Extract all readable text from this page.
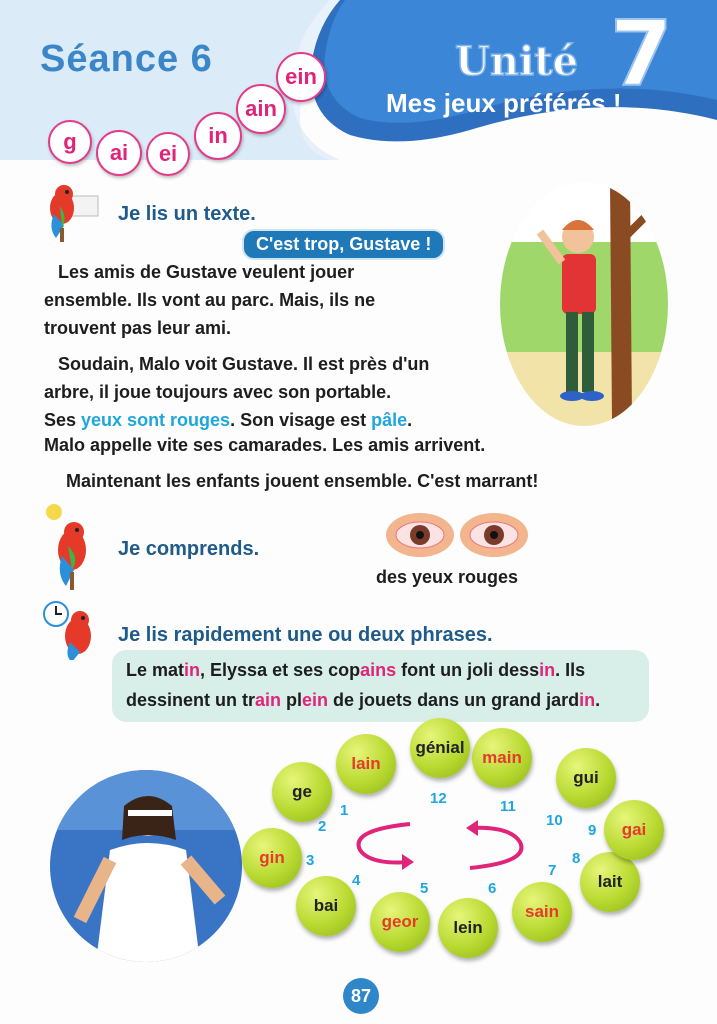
Séance 6
g	ai	ei
in
ain
ein	Unité 7
Mes jeux préférés !
Je lis un texte.
C'est trop, Gustave !
Les amis de Gustave veulent jouer
ensemble. Ils vont au parc. Mais, ils ne
trouvent pas leur ami.
Soudain, Malo voit Gustave. Il est près d'un
arbre, il joue toujours avec son portable.
Ses yeux sont rouges. Son visage est pâle.
Malo appelle vite ses camarades. Les amis arrivent.
Maintenant les enfants jouent ensemble. C'est marrant!
Je comprends.
des yeux rouges
Je lis rapidement une ou deux phrases.
Le matin, Elyssa et ses copains font un joli dessin. Ils
dessinent un train plein de jouets dans un grand jardin.
ge
1
gin
2
bai
3
geor
4
lein
5
sain
6	lait
7
gai
8
gui
9
main
10
génial
11
lain
12
87
